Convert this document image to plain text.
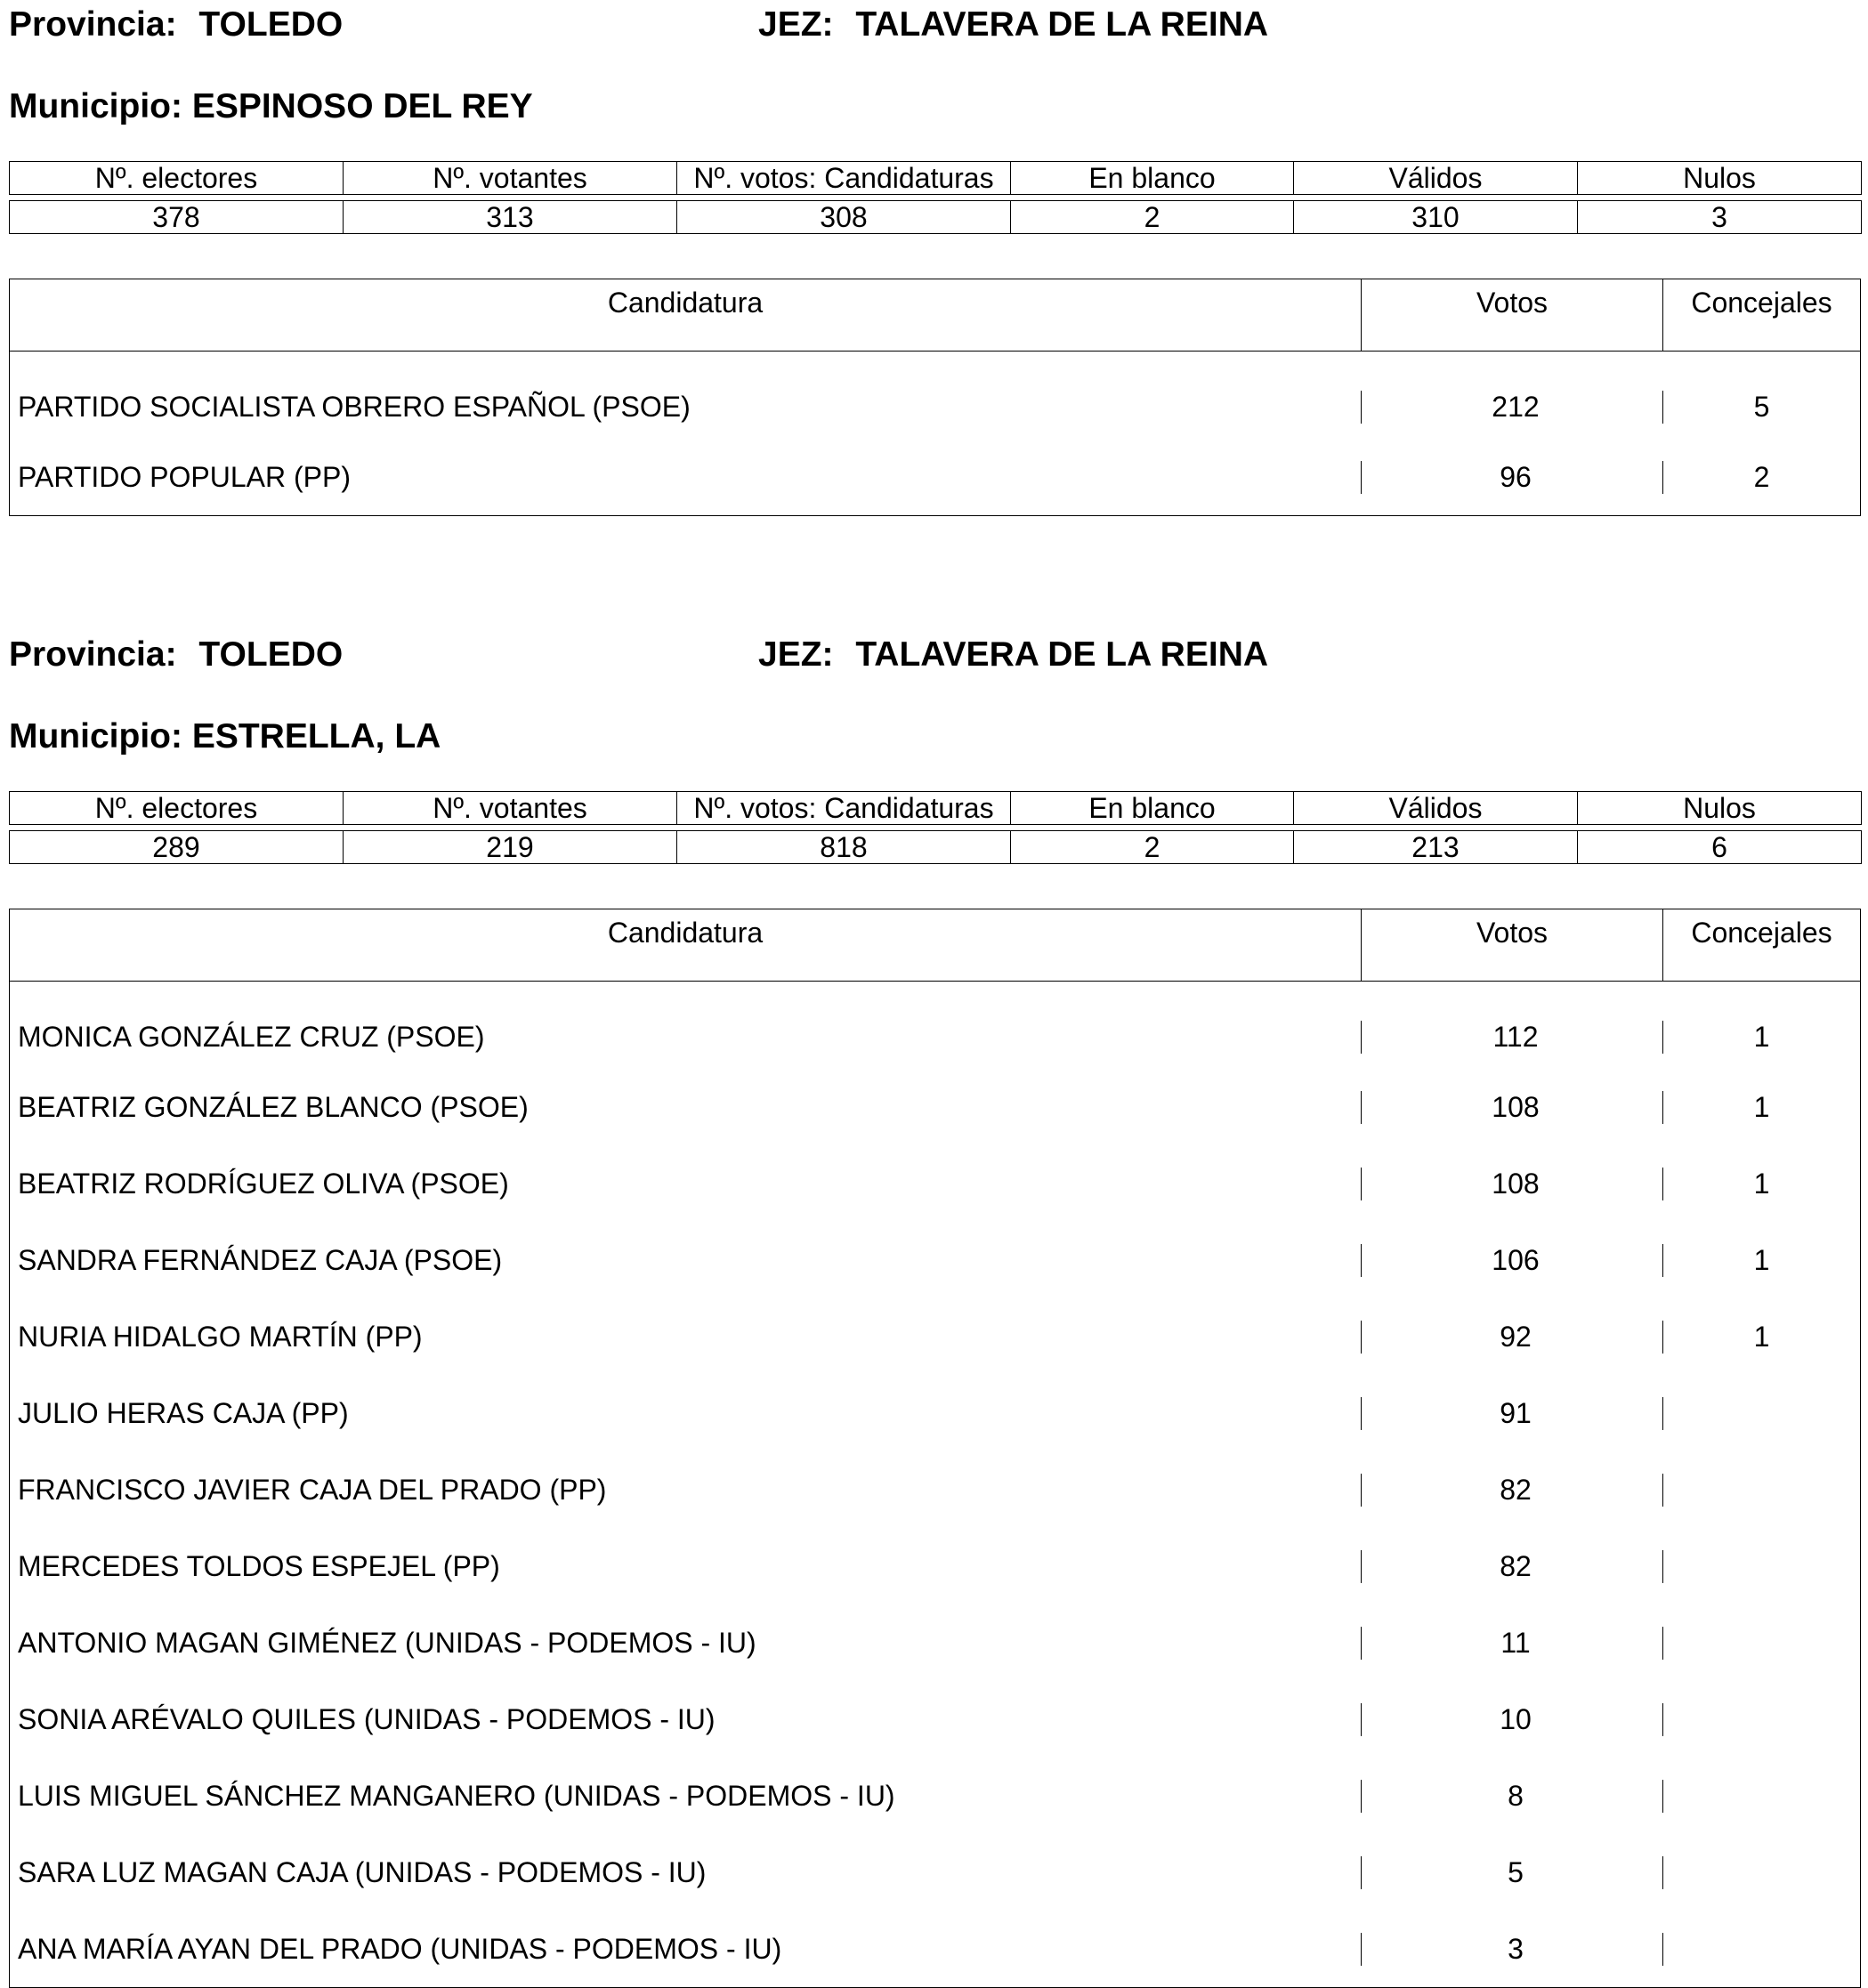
Provincia: TOLEDO	JEZ: TALAVERA DE LA REINA
Municipio: ESPINOSO DEL REY
Nº. electores	Nº. votantes	Nº. votos: Candidaturas	En blanco	Válidos	Nulos

378	313	308	2	310	3
Candidatura	Votos	Concejales
PARTIDO SOCIALISTA OBRERO ESPAÑOL (PSOE)	212	5
PARTIDO POPULAR (PP)	96	2
Provincia: TOLEDO	JEZ: TALAVERA DE LA REINA
Municipio: ESTRELLA, LA
Nº. electores	Nº. votantes	Nº. votos: Candidaturas	En blanco	Válidos	Nulos

289	219	818	2	213	6
Candidatura	Votos	Concejales
MONICA GONZÁLEZ CRUZ (PSOE)	112	1
BEATRIZ GONZÁLEZ BLANCO (PSOE)	108	1
BEATRIZ RODRÍGUEZ OLIVA (PSOE)	108	1
SANDRA FERNÁNDEZ CAJA (PSOE)	106	1
NURIA HIDALGO MARTÍN (PP)	92	1
JULIO HERAS CAJA (PP)	91
FRANCISCO JAVIER CAJA DEL PRADO (PP)	82
MERCEDES TOLDOS ESPEJEL (PP)	82
ANTONIO MAGAN GIMÉNEZ (UNIDAS - PODEMOS - IU)	11
SONIA ARÉVALO QUILES (UNIDAS - PODEMOS - IU)	10
LUIS MIGUEL SÁNCHEZ MANGANERO (UNIDAS - PODEMOS - IU)	8
SARA LUZ MAGAN CAJA (UNIDAS - PODEMOS - IU)	5
ANA MARÍA AYAN DEL PRADO (UNIDAS - PODEMOS - IU)	3
